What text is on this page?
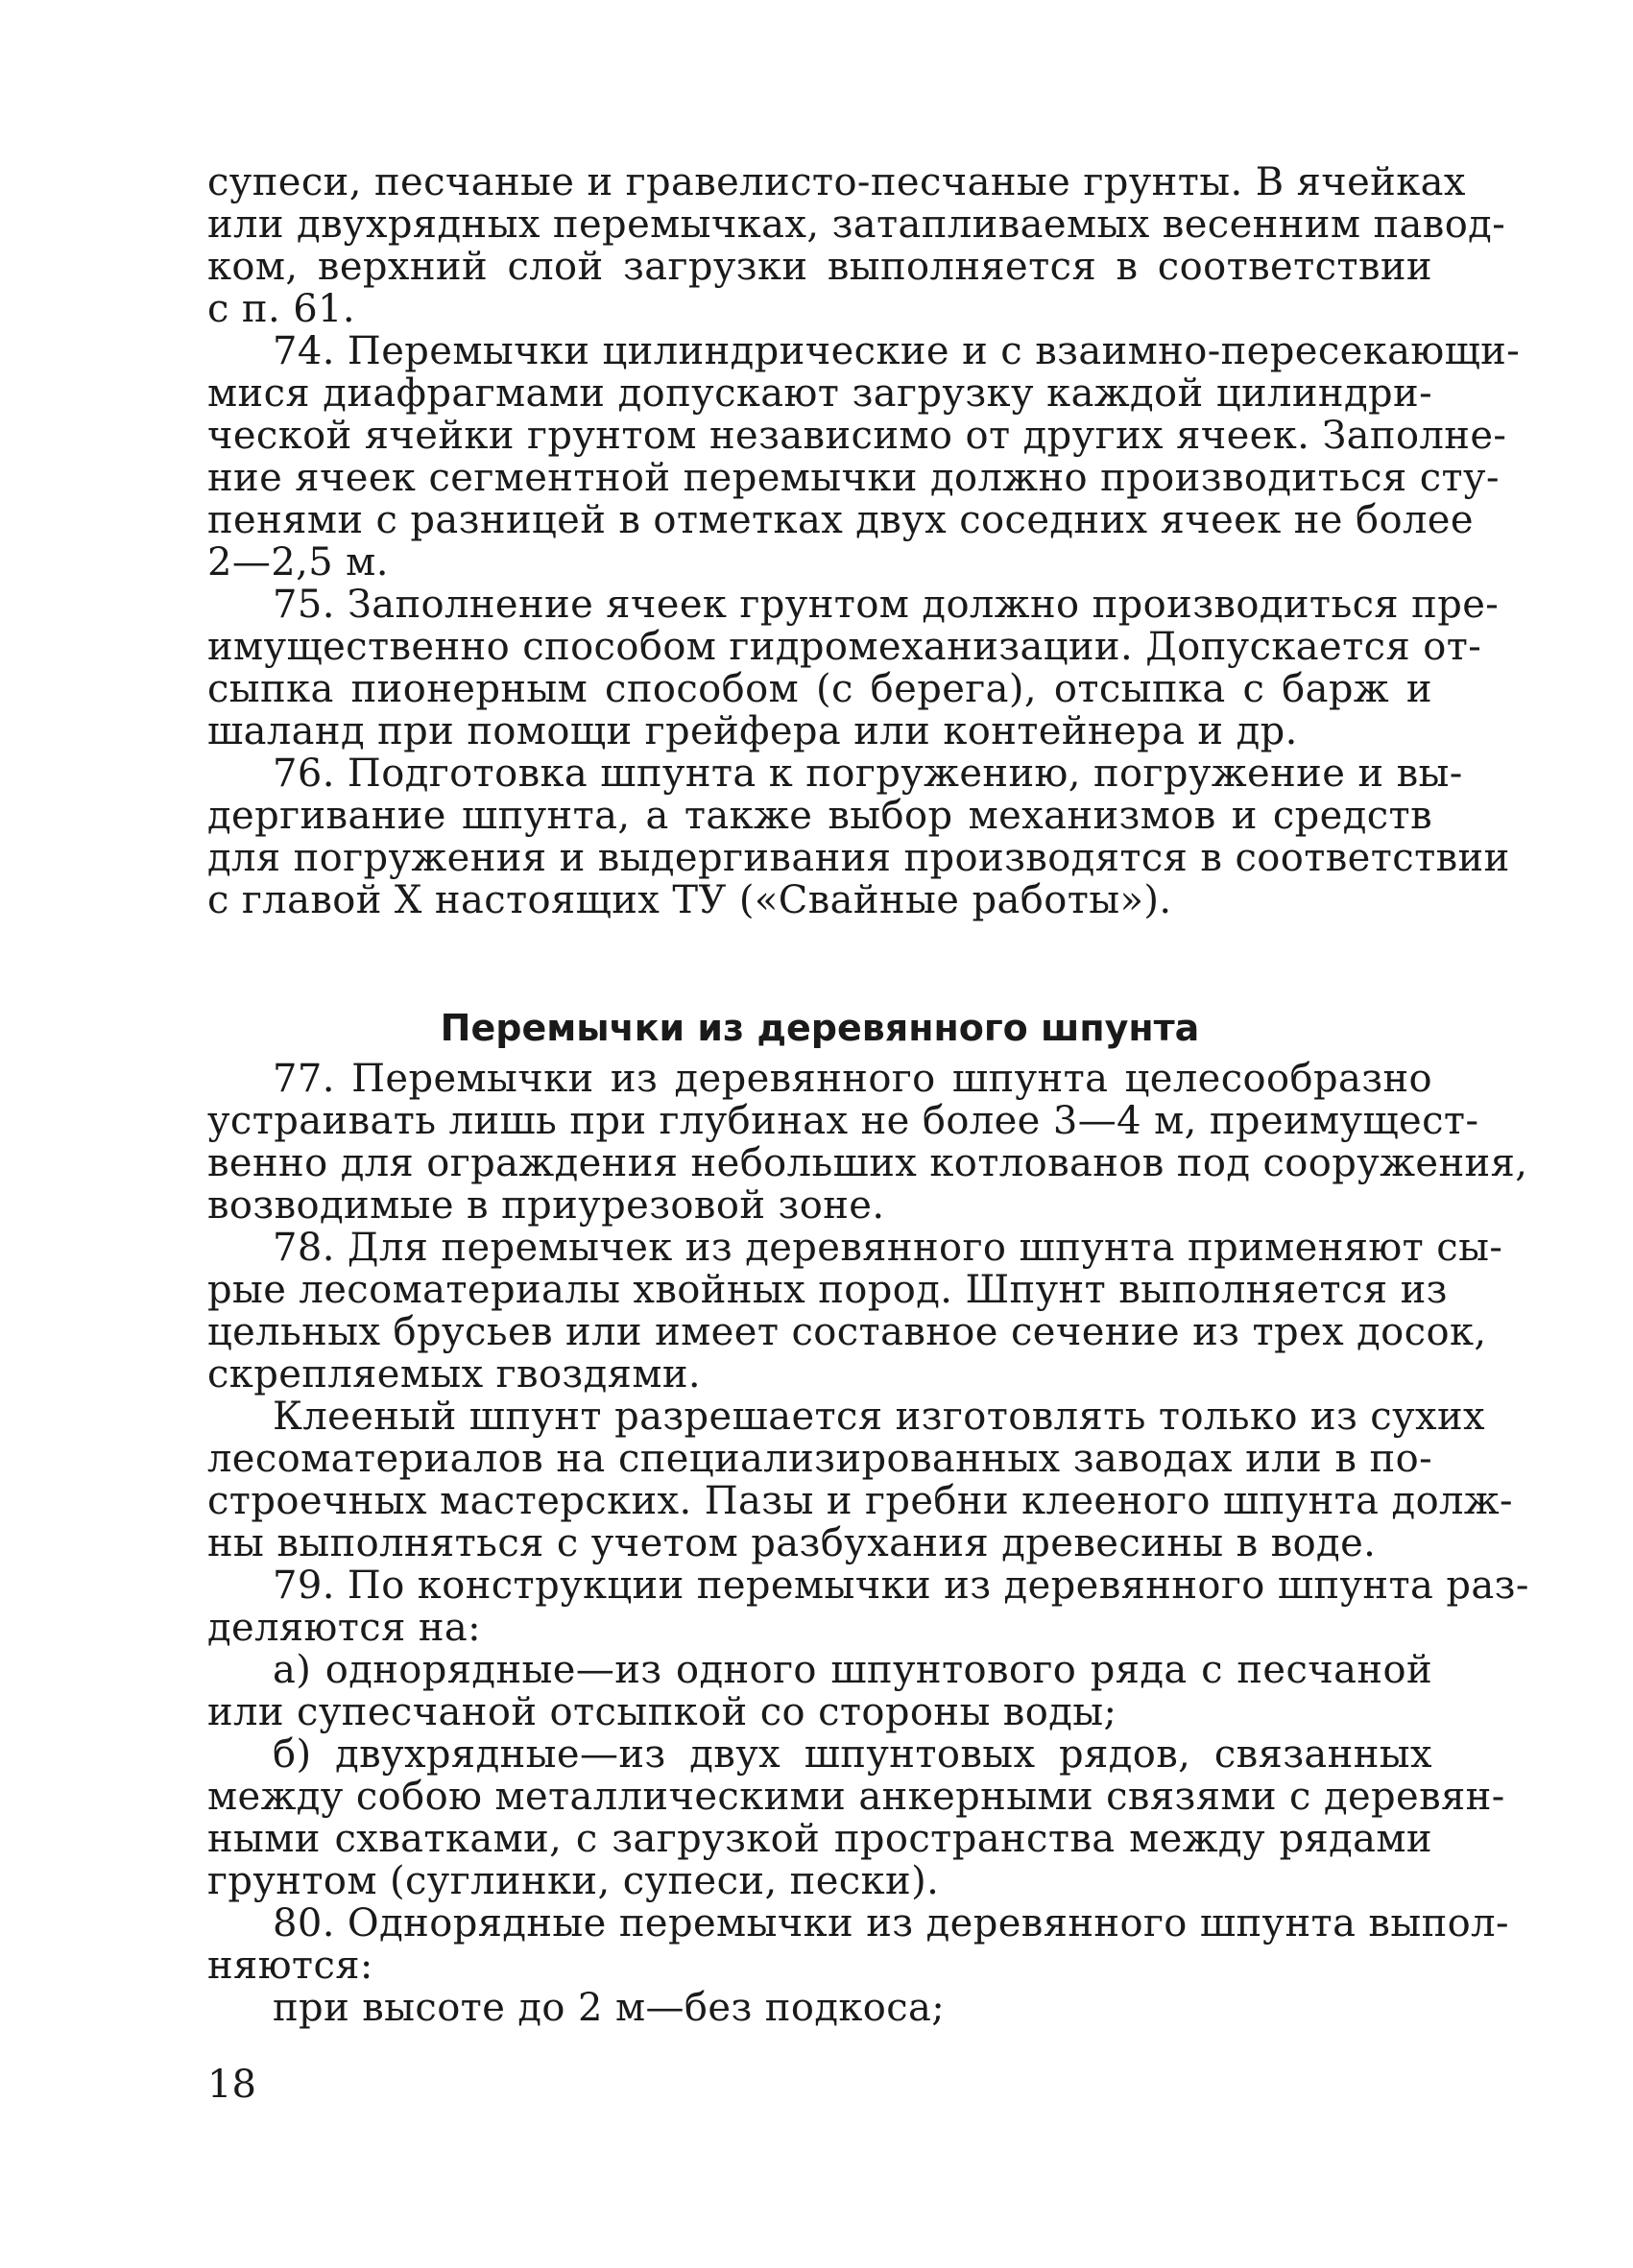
супеси, песчаные и гравелисто-песчаные грунты. В ячейках
или двухрядных перемычках, затапливаемых весенним павод-
ком, верхний слой загрузки выполняется в соответствии
с п. 61.
74. Перемычки цилиндрические и с взаимно-пересекающи-
мися диафрагмами допускают загрузку каждой цилиндри-
ческой ячейки грунтом независимо от других ячеек. Заполне-
ние ячеек сегментной перемычки должно производиться сту-
пенями с разницей в отметках двух соседних ячеек не более
2—2,5 м.
75. Заполнение ячеек грунтом должно производиться пре-
имущественно способом гидромеханизации. Допускается от-
сыпка пионерным способом (с берега), отсыпка с барж и
шаланд при помощи грейфера или контейнера и др.
76. Подготовка шпунта к погружению, погружение и вы-
дергивание шпунта, а также выбор механизмов и средств
для погружения и выдергивания производятся в соответствии
с главой X настоящих ТУ («Свайные работы»).
Перемычки из деревянного шпунта
77. Перемычки из деревянного шпунта целесообразно
устраивать лишь при глубинах не более 3—4 м, преимущест-
венно для ограждения небольших котлованов под сооружения,
возводимые в приурезовой зоне.
78. Для перемычек из деревянного шпунта применяют сы-
рые лесоматериалы хвойных пород. Шпунт выполняется из
цельных брусьев или имеет составное сечение из трех досок,
скрепляемых гвоздями.
Клееный шпунт разрешается изготовлять только из сухих
лесоматериалов на специализированных заводах или в по-
строечных мастерских. Пазы и гребни клееного шпунта долж-
ны выполняться с учетом разбухания древесины в воде.
79. По конструкции перемычки из деревянного шпунта раз-
деляются на:
а) однорядные—из одного шпунтового ряда с песчаной
или супесчаной отсыпкой со стороны воды;
б) двухрядные—из двух шпунтовых рядов, связанных
между собою металлическими анкерными связями с деревян-
ными схватками, с загрузкой пространства между рядами
грунтом (суглинки, супеси, пески).
80. Однорядные перемычки из деревянного шпунта выпол-
няются:
при высоте до 2 м—без подкоса;
18
